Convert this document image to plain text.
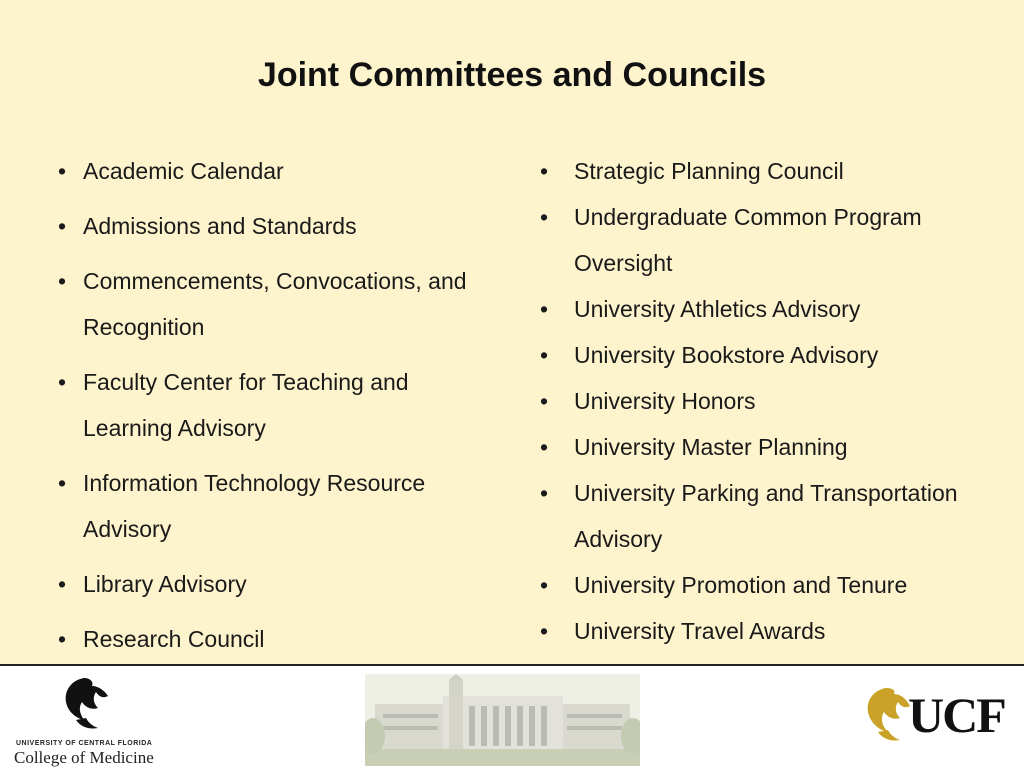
Joint Committees and Councils
• Academic Calendar
• Admissions and Standards
• Commencements, Convocations, and Recognition
• Faculty Center for Teaching and Learning Advisory
• Information Technology Resource Advisory
• Library Advisory
• Research Council
• Strategic Planning Council
• Undergraduate Common Program Oversight
• University Athletics Advisory
• University Bookstore Advisory
• University Honors
• University Master Planning
• University Parking and Transportation Advisory
• University Promotion and Tenure
• University Travel Awards
UNIVERSITY OF CENTRAL FLORIDA
College of Medicine
UCF
